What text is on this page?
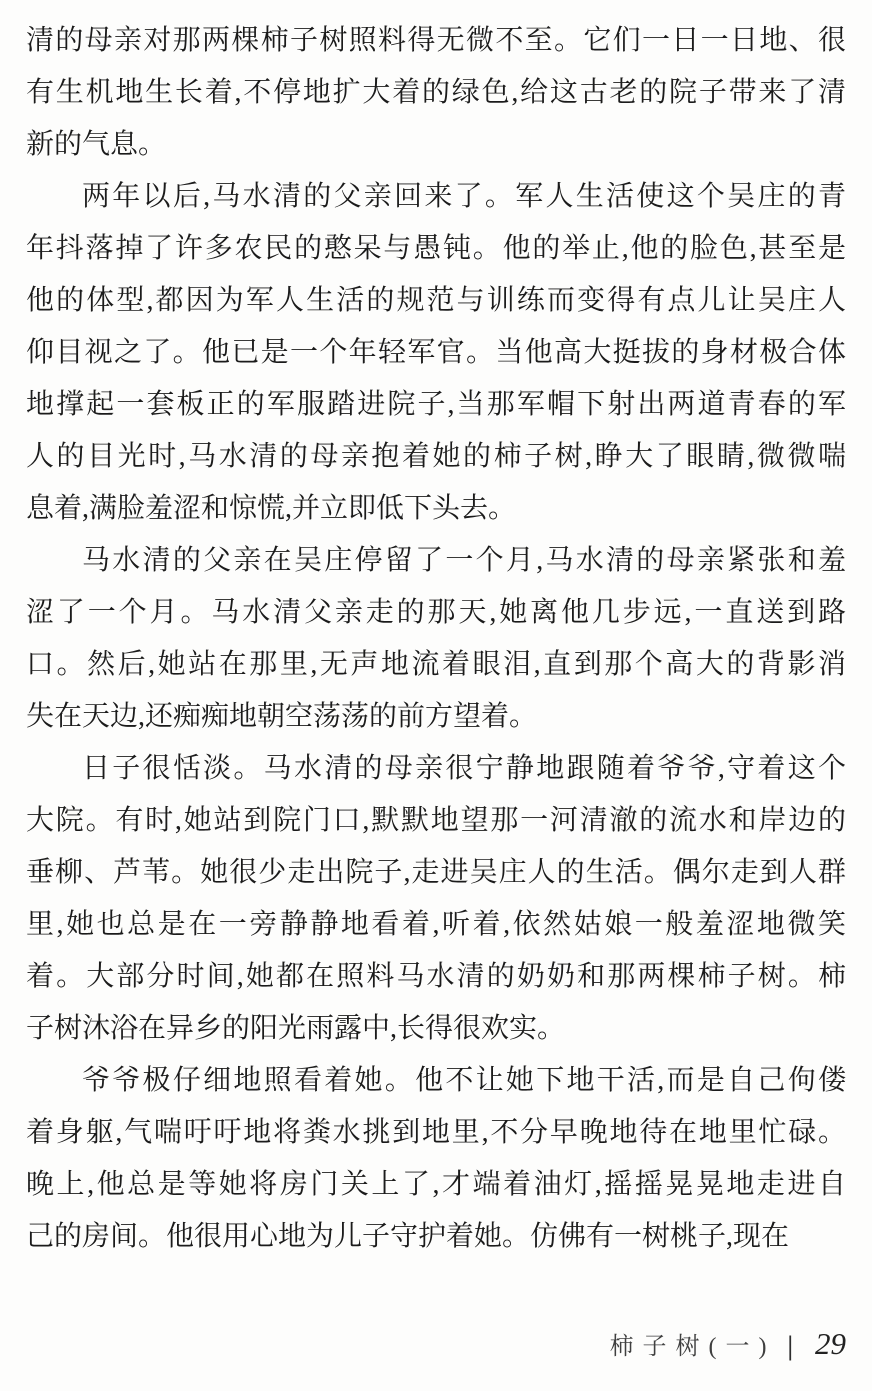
清的母亲对那两棵柿子树照料得无微不至。它们一日一日地、很
有生机地生长着,不停地扩大着的绿色,给这古老的院子带来了清
新的气息。
两年以后,马水清的父亲回来了。军人生活使这个吴庄的青
年抖落掉了许多农民的憨呆与愚钝。他的举止,他的脸色,甚至是
他的体型,都因为军人生活的规范与训练而变得有点儿让吴庄人
仰目视之了。他已是一个年轻军官。当他高大挺拔的身材极合体
地撑起一套板正的军服踏进院子,当那军帽下射出两道青春的军
人的目光时,马水清的母亲抱着她的柿子树,睁大了眼睛,微微喘
息着,满脸羞涩和惊慌,并立即低下头去。
马水清的父亲在吴庄停留了一个月,马水清的母亲紧张和羞
涩了一个月。马水清父亲走的那天,她离他几步远,一直送到路
口。然后,她站在那里,无声地流着眼泪,直到那个高大的背影消
失在天边,还痴痴地朝空荡荡的前方望着。
日子很恬淡。马水清的母亲很宁静地跟随着爷爷,守着这个
大院。有时,她站到院门口,默默地望那一河清澈的流水和岸边的
垂柳、芦苇。她很少走出院子,走进吴庄人的生活。偶尔走到人群
里,她也总是在一旁静静地看着,听着,依然姑娘一般羞涩地微笑
着。大部分时间,她都在照料马水清的奶奶和那两棵柿子树。柿
子树沐浴在异乡的阳光雨露中,长得很欢实。
爷爷极仔细地照看着她。他不让她下地干活,而是自己佝偻
着身躯,气喘吁吁地将粪水挑到地里,不分早晚地待在地里忙碌。
晚上,他总是等她将房门关上了,才端着油灯,摇摇晃晃地走进自
己的房间。他很用心地为儿子守护着她。仿佛有一树桃子,现在
柿子树(一) | 29
